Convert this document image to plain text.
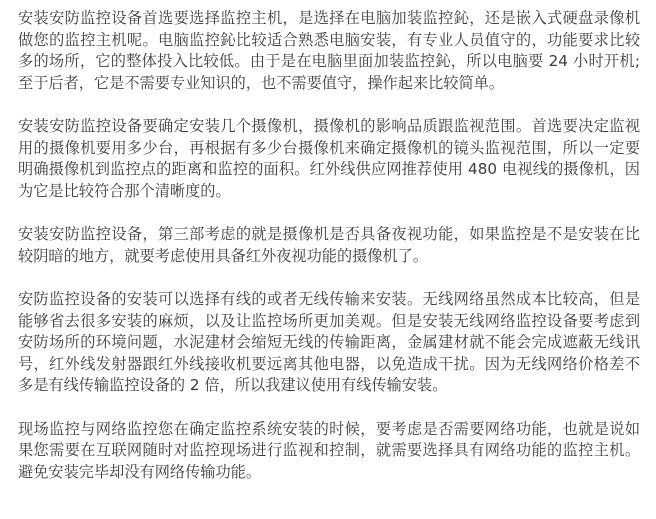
安装安防监控设备首选要选择监控主机，是选择在电脑加装监控鈊，还是嵌入式硬盘录像机做您的监控主机呢。电脑监控鈊比较适合熟悉电脑安装，有专业人员值守的，功能要求比较多的场所，它的整体投入比较低。由于是在电脑里面加装监控鈊，所以电脑要 24 小时开机;至于后者，它是不需要专业知识的，也不需要值守，操作起来比较简单。

安装安防监控设备要确定安装几个摄像机，摄像机的影响品质跟监视范围。首选要决定监视用的摄像机要用多少台，再根据有多少台摄像机来确定摄像机的镜头监视范围，所以一定要明确摄像机到监控点的距离和监控的面积。红外线供应网推荐使用 480 电视线的摄像机，因为它是比较符合那个清晰度的。

安装安防监控设备，第三部考虑的就是摄像机是否具备夜视功能，如果监控是不是安装在比较阴暗的地方，就要考虑使用具备红外夜视功能的摄像机了。

安防监控设备的安装可以选择有线的或者无线传输来安装。无线网络虽然成本比较高，但是能够省去很多安装的麻烦，以及让监控场所更加美观。但是安装无线网络监控设备要考虑到安防场所的环境问题，水泥建材会缩短无线的传输距离，金属建材就不能会完成遮蔽无线讯号，红外线发射器跟红外线接收机要远离其他电器，以免造成干扰。因为无线网络价格差不多是有线传输监控设备的 2 倍，所以我建议使用有线传输安装。

现场监控与网络监控您在确定监控系统安装的时候，要考虑是否需要网络功能，也就是说如果您需要在互联网随时对监控现场进行监视和控制，就需要选择具有网络功能的监控主机。避免安装完毕却没有网络传输功能。
